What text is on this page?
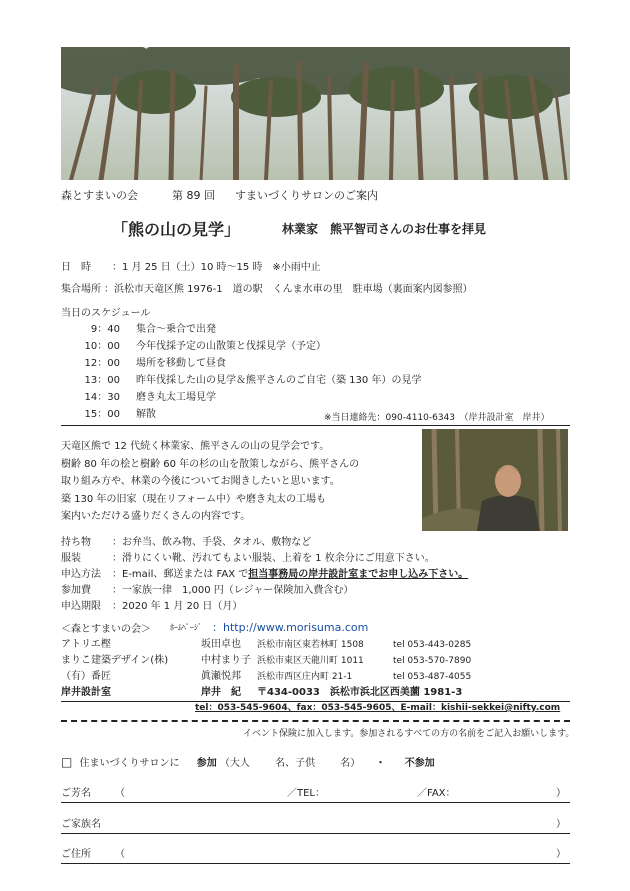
森とすまいの会	第 89 回 すまいづくりサロンのご案内
「熊の山の見学」	林業家　熊平智司さんのお仕事を拝見
日　時 ：1 月 25 日（土）10 時〜15 時　※小雨中止
集合場所 ：浜松市天竜区熊 1976-1　道の駅　くんま水車の里　駐車場（裏面案内図参照）
当日のスケジュール
9：40 集合〜乗合で出発
10：00 今年伐採予定の山散策と伐採見学（予定）
12：00 場所を移動して昼食
13：00 昨年伐採した山の見学＆熊平さんのご自宅（築 130 年）の見学
14：30 磨き丸太工場見学
15：00 解散	※当日連絡先：090-4110-6343　（岸井設計室　岸井）
天竜区熊で 12 代続く林業家、熊平さんの山の見学会です。
樹齢 80 年の桧と樹齢 60 年の杉の山を散策しながら、熊平さんの
取り組み方や、林業の今後についてお聞きしたいと思います。
築 130 年の旧家（現在リフォーム中）や磨き丸太の工場も
案内いただける盛りだくさんの内容です。
持ち物 ：お弁当、飲み物、手袋、タオル、敷物など
服装	：滑りにくい靴、汚れてもよい服装、上着を 1 枚余分にご用意下さい。
申込方法 ：E-mail、郵送または FAX で担当事務局の岸井設計室までお申し込み下さい。
参加費 ：一家族一律　1,000 円（レジャー保険加入費含む）
申込期限 ：2020 年 1 月 20 日（月）
＜森とすまいの会＞ ﾎｰﾑﾍﾟｰｼﾞ ：http://www.morisuma.com
アトリエ樫	坂田卓也	浜松市南区東若林町 1508	tel 053-443-0285
まりこ建築デザイン(株)	中村まり子 浜松市東区天龍川町 1011	tel 053-570-7890
（有）番匠	眞瀬悦邦	浜松市西区庄内町 21-1	tel 053-487-4055
岸井設計室	岸井　紀	〒434-0033　浜松市浜北区西美薗 1981-3
tel：053-545-9604、fax：053-545-9605、E-mail：kishii-sekkei@nifty.com
イベント保険に加入します。参加されるすべての方の名前をご記入お願いします。
□ 住まいづくりサロンに 参加 （大人	名、子供	名） ・ 不参加
ご芳名 （	／TEL：	／FAX：	）
ご家族名	）
ご住所 （	）
